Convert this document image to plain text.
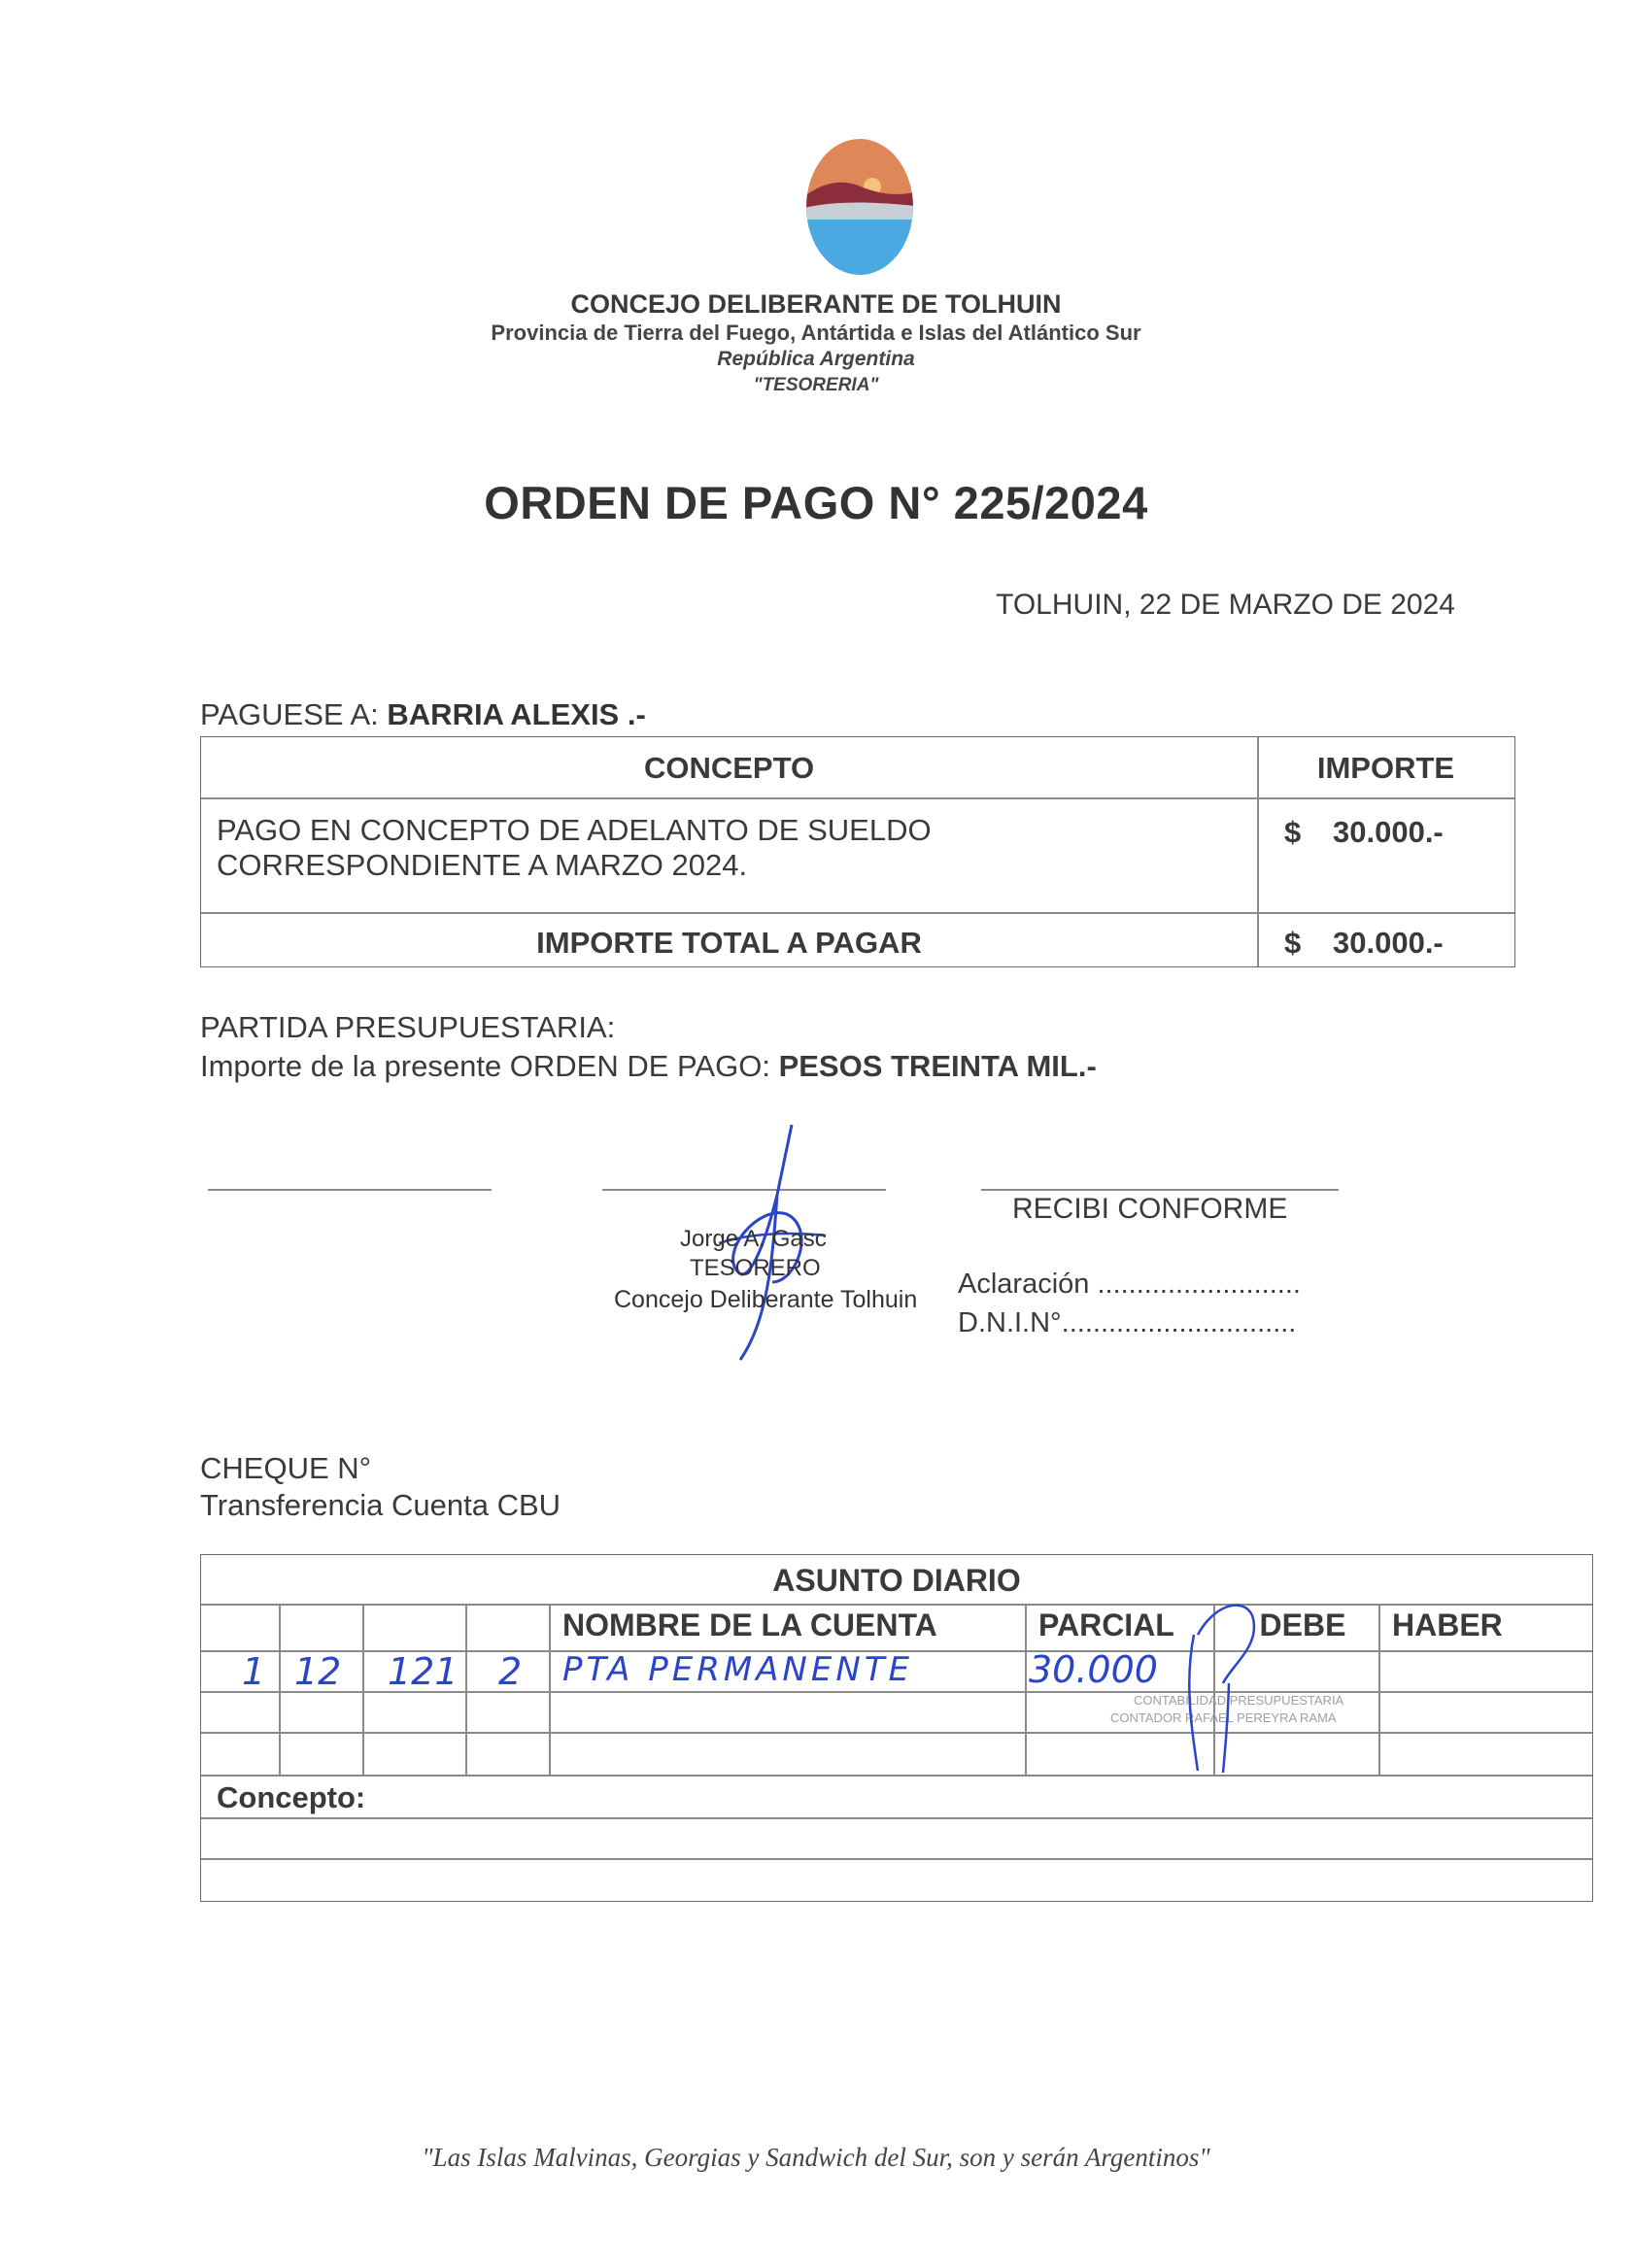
CONCEJO DELIBERANTE DE TOLHUIN
Provincia de Tierra del Fuego, Antártida e Islas del Atlántico Sur
República Argentina
"TESORERIA"
ORDEN DE PAGO N° 225/2024
TOLHUIN, 22 DE MARZO DE 2024
PAGUESE A: BARRIA ALEXIS .-
CONCEPTO	IMPORTE
PAGO EN CONCEPTO DE ADELANTO DE SUELDO
CORRESPONDIENTE A MARZO 2024.
$ 30.000.-
IMPORTE TOTAL A PAGAR	$ 30.000.-
PARTIDA PRESUPUESTARIA:
Importe de la presente ORDEN DE PAGO: PESOS TREINTA MIL.-
Jorge A. Gasc
TESORERO
Concejo Deliberante Tolhuin
RECIBI CONFORME
Aclaración ..........................
D.N.I.N°..............................
CHEQUE N°
Transferencia Cuenta CBU
ASUNTO DIARIO
NOMBRE DE LA CUENTA	PARCIAL	DEBE	HABER
1 12 121 2 PTA PERMANENTE	30.000
CONTABILIDAD PRESUPUESTARIA
CONTADOR RAFAEL PEREYRA RAMA
Concepto:
"Las Islas Malvinas, Georgias y Sandwich del Sur, son y serán Argentinos"
